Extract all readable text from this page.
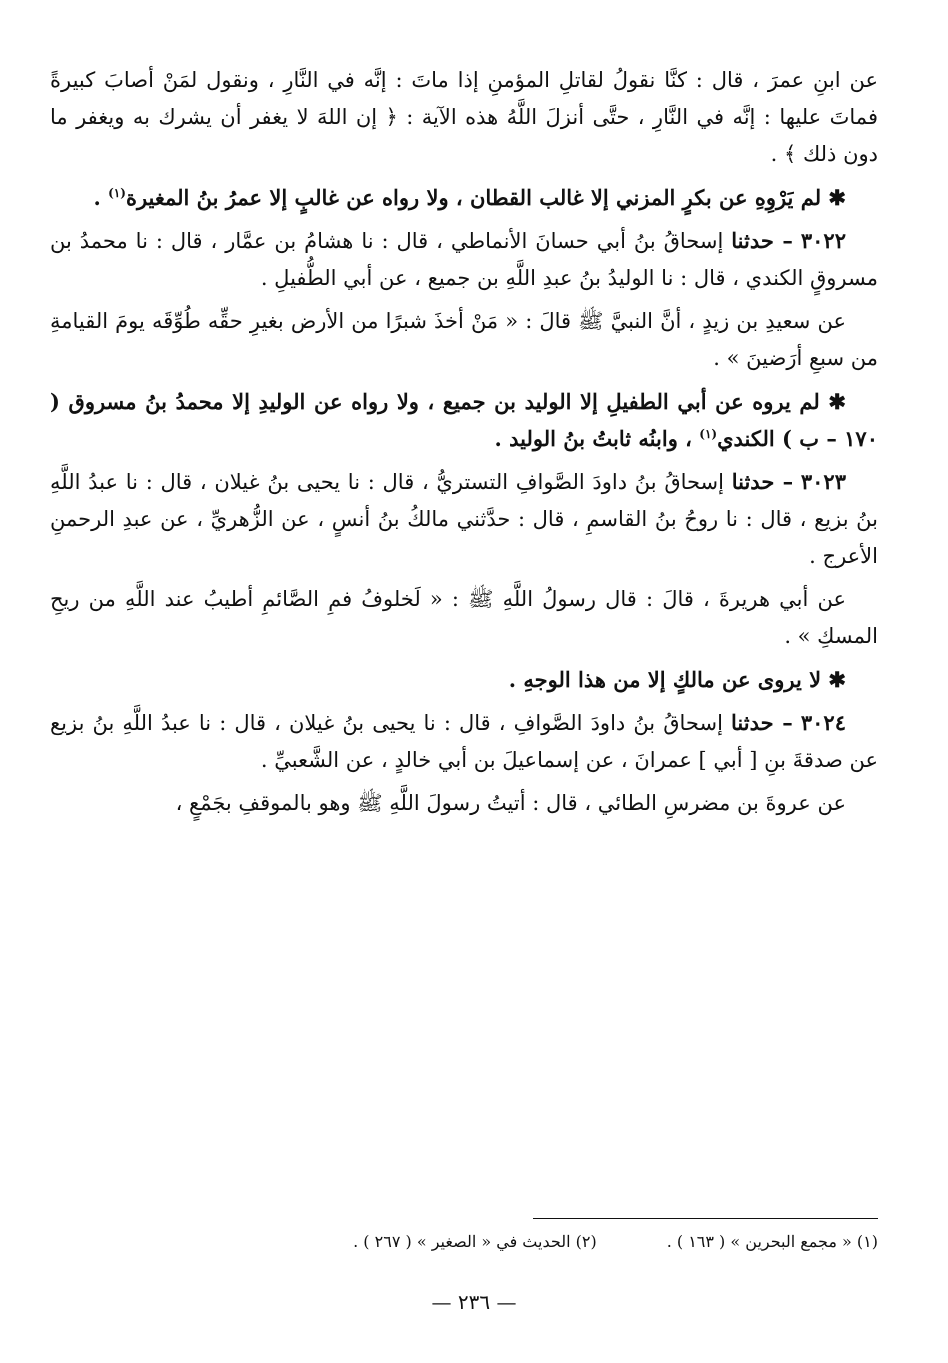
عن ابنِ عمرَ ، قال : كنَّا نقولُ لقاتلِ المؤمنِ إذا ماتَ : إنَّه في النَّارِ ، ونقول لمَنْ أصابَ كبيرةً فماتَ عليها : إنَّه في النَّارِ ، حتَّى أنزلَ اللَّهُ هذه الآية : ﴿ إن اللهَ لا يغفر أن يشرك به ويغفر ما دون ذلك ﴾ .

✱ لم يَرْوِهِ عن بكرٍ المزني إلا غالب القطان ، ولا رواه عن غالبٍ إلا عمرُ بنُ المغيرة$^{(١)}$ .

٣٠٢٢ – حدثنا إسحاقُ بنُ أبي حسانَ الأنماطي ، قال : نا هشامُ بن عمَّار ، قال : نا محمدُ بن مسروقٍ الكندي ، قال : نا الوليدُ بنُ عبدِ اللَّهِ بن جميع ، عن أبي الطُّفيلِ .

عن سعيدِ بن زيدٍ ، أنَّ النبيَّ ﷺ قالَ : « مَنْ أخذَ شبرًا من الأرض بغيرِ حقِّه طُوِّقَه يومَ القيامةِ من سبعِ أرَضينَ » .

✱ لم يروه عن أبي الطفيلِ إلا الوليد بن جميع ، ولا رواه عن الوليدِ إلا محمدُ بنُ مسروق ( ١٧٠ – ب ) الكندي$^{(١)}$ ، وابنُه ثابتُ بنُ الوليد .

٣٠٢٣ – حدثنا إسحاقُ بنُ داودَ الصَّوافِ التستريُّ ، قال : نا يحيى بنُ غيلان ، قال : نا عبدُ اللَّهِ بنُ بزيع ، قال : نا روحُ بنُ القاسمِ ، قال : حدَّثني مالكُ بنُ أنسٍ ، عن الزُّهريِّ ، عن عبدِ الرحمنِ الأعرج .

عن أبي هريرةَ ، قالَ : قال رسولُ اللَّهِ ﷺ : « لَخلوفُ فمِ الصَّائمِ أطيبُ عند اللَّهِ من ريحِ المسكِ » .

✱ لا يروى عن مالكٍ إلا من هذا الوجهِ .

٣٠٢٤ – حدثنا إسحاقُ بنُ داودَ الصَّوافِ ، قال : نا يحيى بنُ غيلان ، قال : نا عبدُ اللَّهِ بنُ بزيع عن صدقةَ بنِ [ أبي ] عمرانَ ، عن إسماعيلَ بن أبي خالدٍ ، عن الشَّعبيِّ .

عن عروةَ بن مضرسِ الطائي ، قال : أتيتُ رسولَ اللَّهِ ﷺ وهو بالموقفِ بجَمْعٍ ،

(١) « مجمع البحرين » ( ١٦٣ ) .
(٢) الحديث في « الصغير » ( ٢٦٧ ) .
— ٢٣٦ —
